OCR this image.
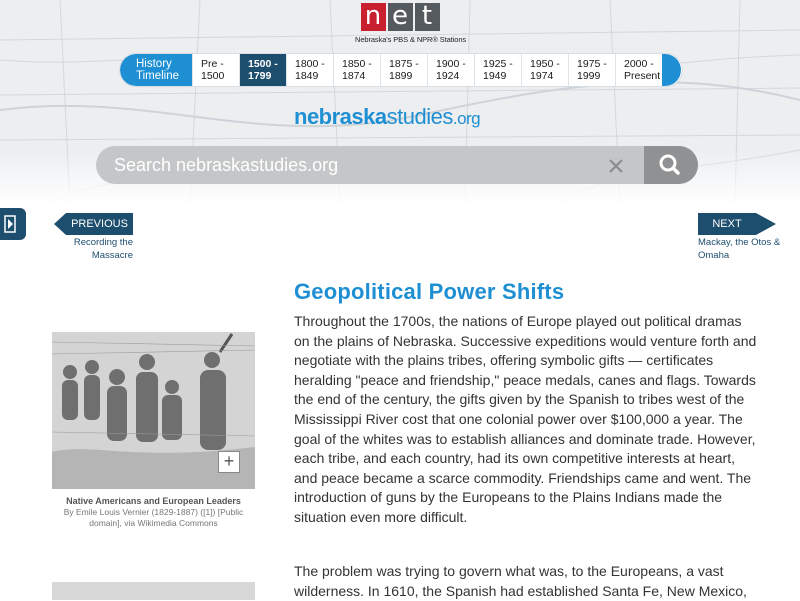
n e t
Nebraska's PBS & NPR® Stations
History
Timeline
Pre -
1500
1500 -
1799
1800 -
1849
1850 -
1874
1875 -
1899
1900 -
1924
1925 -
1949
1950 -
1974
1975 -
1999
2000 -
Present
nebraskastudies.org
Search nebraskastudies.org
PREVIOUS
Recording the
Massacre
NEXT
Mackay, the Otos &
Omaha
+
Native Americans and European Leaders
By Emile Louis Vernier (1829-1887) ([1]) [Public domain], via Wikimedia Commons
Geopolitical Power Shifts

Throughout the 1700s, the nations of Europe played out political dramas on the plains of Nebraska. Successive expeditions would venture forth and negotiate with the plains tribes, offering symbolic gifts — certificates heralding "peace and friendship," peace medals, canes and flags. Towards the end of the century, the gifts given by the Spanish to tribes west of the Mississippi River cost that one colonial power over $100,000 a year. The goal of the whites was to establish alliances and dominate trade. However, each tribe, and each country, had its own competitive interests at heart, and peace became a scarce commodity. Friendships came and went. The introduction of guns by the Europeans to the Plains Indians made the situation even more difficult.

The problem was trying to govern what was, to the Europeans, a vast wilderness. In 1610, the Spanish had established Santa Fe, New Mexico,
